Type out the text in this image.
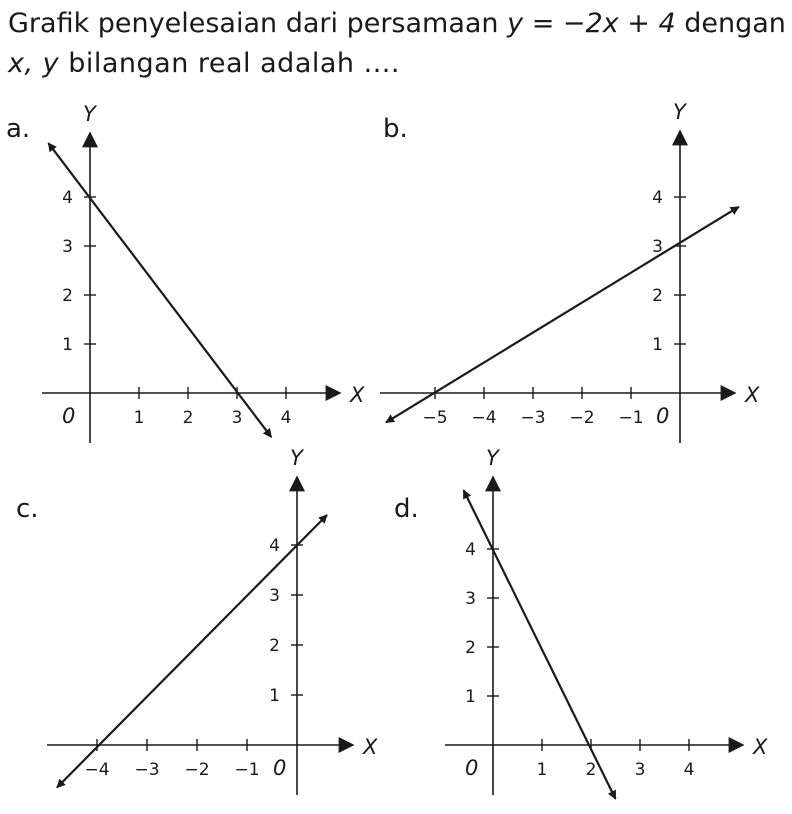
Grafik penyelesaian dari persamaan y = −2x + 4 dengan
x, y bilangan real adalah ....
a.
X
Y
0	1 2 3 4
1
2
3
4
b.
X
Y
0
−5 −4 −3 −2 −1
1
2
3
4
c.
X
Y
0
−4 −3 −2 −1
1
2
3
4
d.
X
Y
0	1 2 3 4
1
2
3
4
